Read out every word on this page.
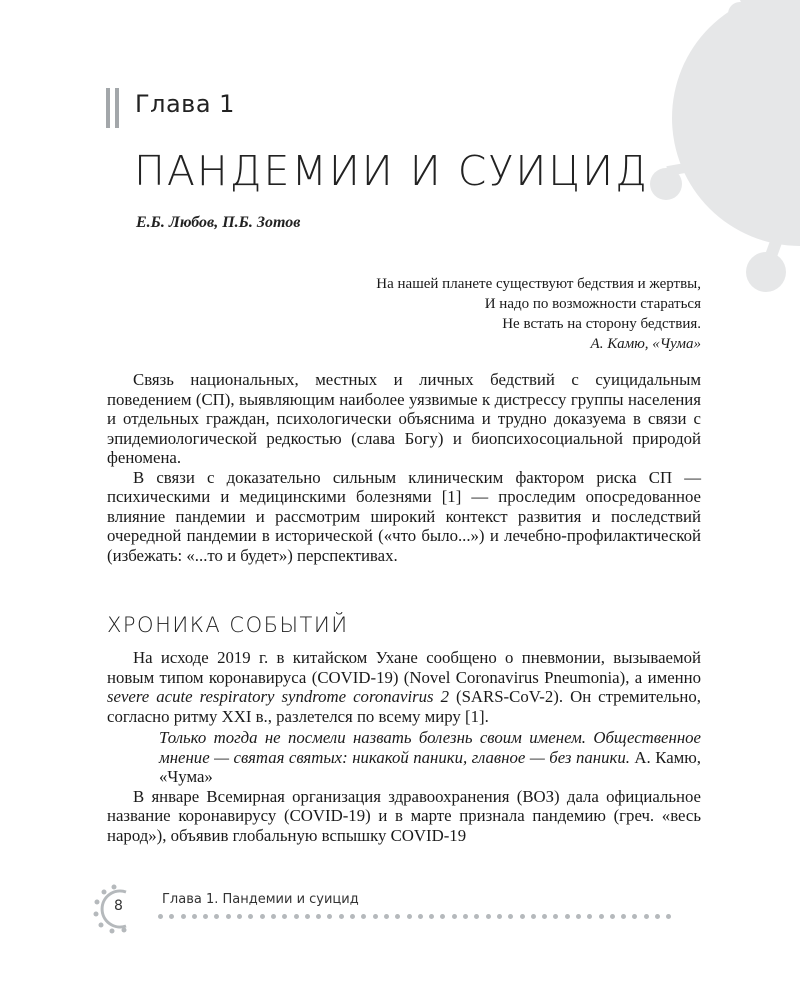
Глава 1
ПАНДЕМИИ И СУИЦИД
Е.Б. Любов, П.Б. Зотов
На нашей планете существуют бедствия и жертвы,
И надо по возможности стараться
Не встать на сторону бедствия.
А. Камю, «Чума»

Связь национальных, местных и личных бедствий с суицидальным поведением (СП), выявляющим наиболее уязвимые к дистрессу группы населения и отдельных граждан, психологически объяснима и трудно доказуема в связи с эпидемиологической редкостью (слава Богу) и биопсихосоциальной природой феномена.

В связи с доказательно сильным клиническим фактором риска СП — психическими и медицинскими болезнями [1] — проследим опосредованное влияние пандемии и рассмотрим широкий контекст развития и последствий очередной пандемии в исторической («что было...») и лечебно-профилактической (избежать: «...то и будет») перспективах.

ХРОНИКА СОБЫТИЙ

На исходе 2019 г. в китайском Ухане сообщено о пневмонии, вызываемой новым типом коронавируса (COVID-19) (Novel Coronavirus Pneumonia), а именно severe acute respiratory syndrome coronavirus 2 (SARS-CoV-2). Он стремительно, согласно ритму XXI в., разлетелся по всему миру [1].

Только тогда не посмели назвать болезнь своим именем. Общественное мнение — святая святых: никакой паники, главное — без паники. А. Камю, «Чума»

В январе Всемирная организация здравоохранения (ВОЗ) дала официальное название коронавирусу (COVID-19) и в марте признала пандемию (греч. «весь народ»), объявив глобальную вспышку COVID-19

8	Глава 1. Пандемии и суицид
